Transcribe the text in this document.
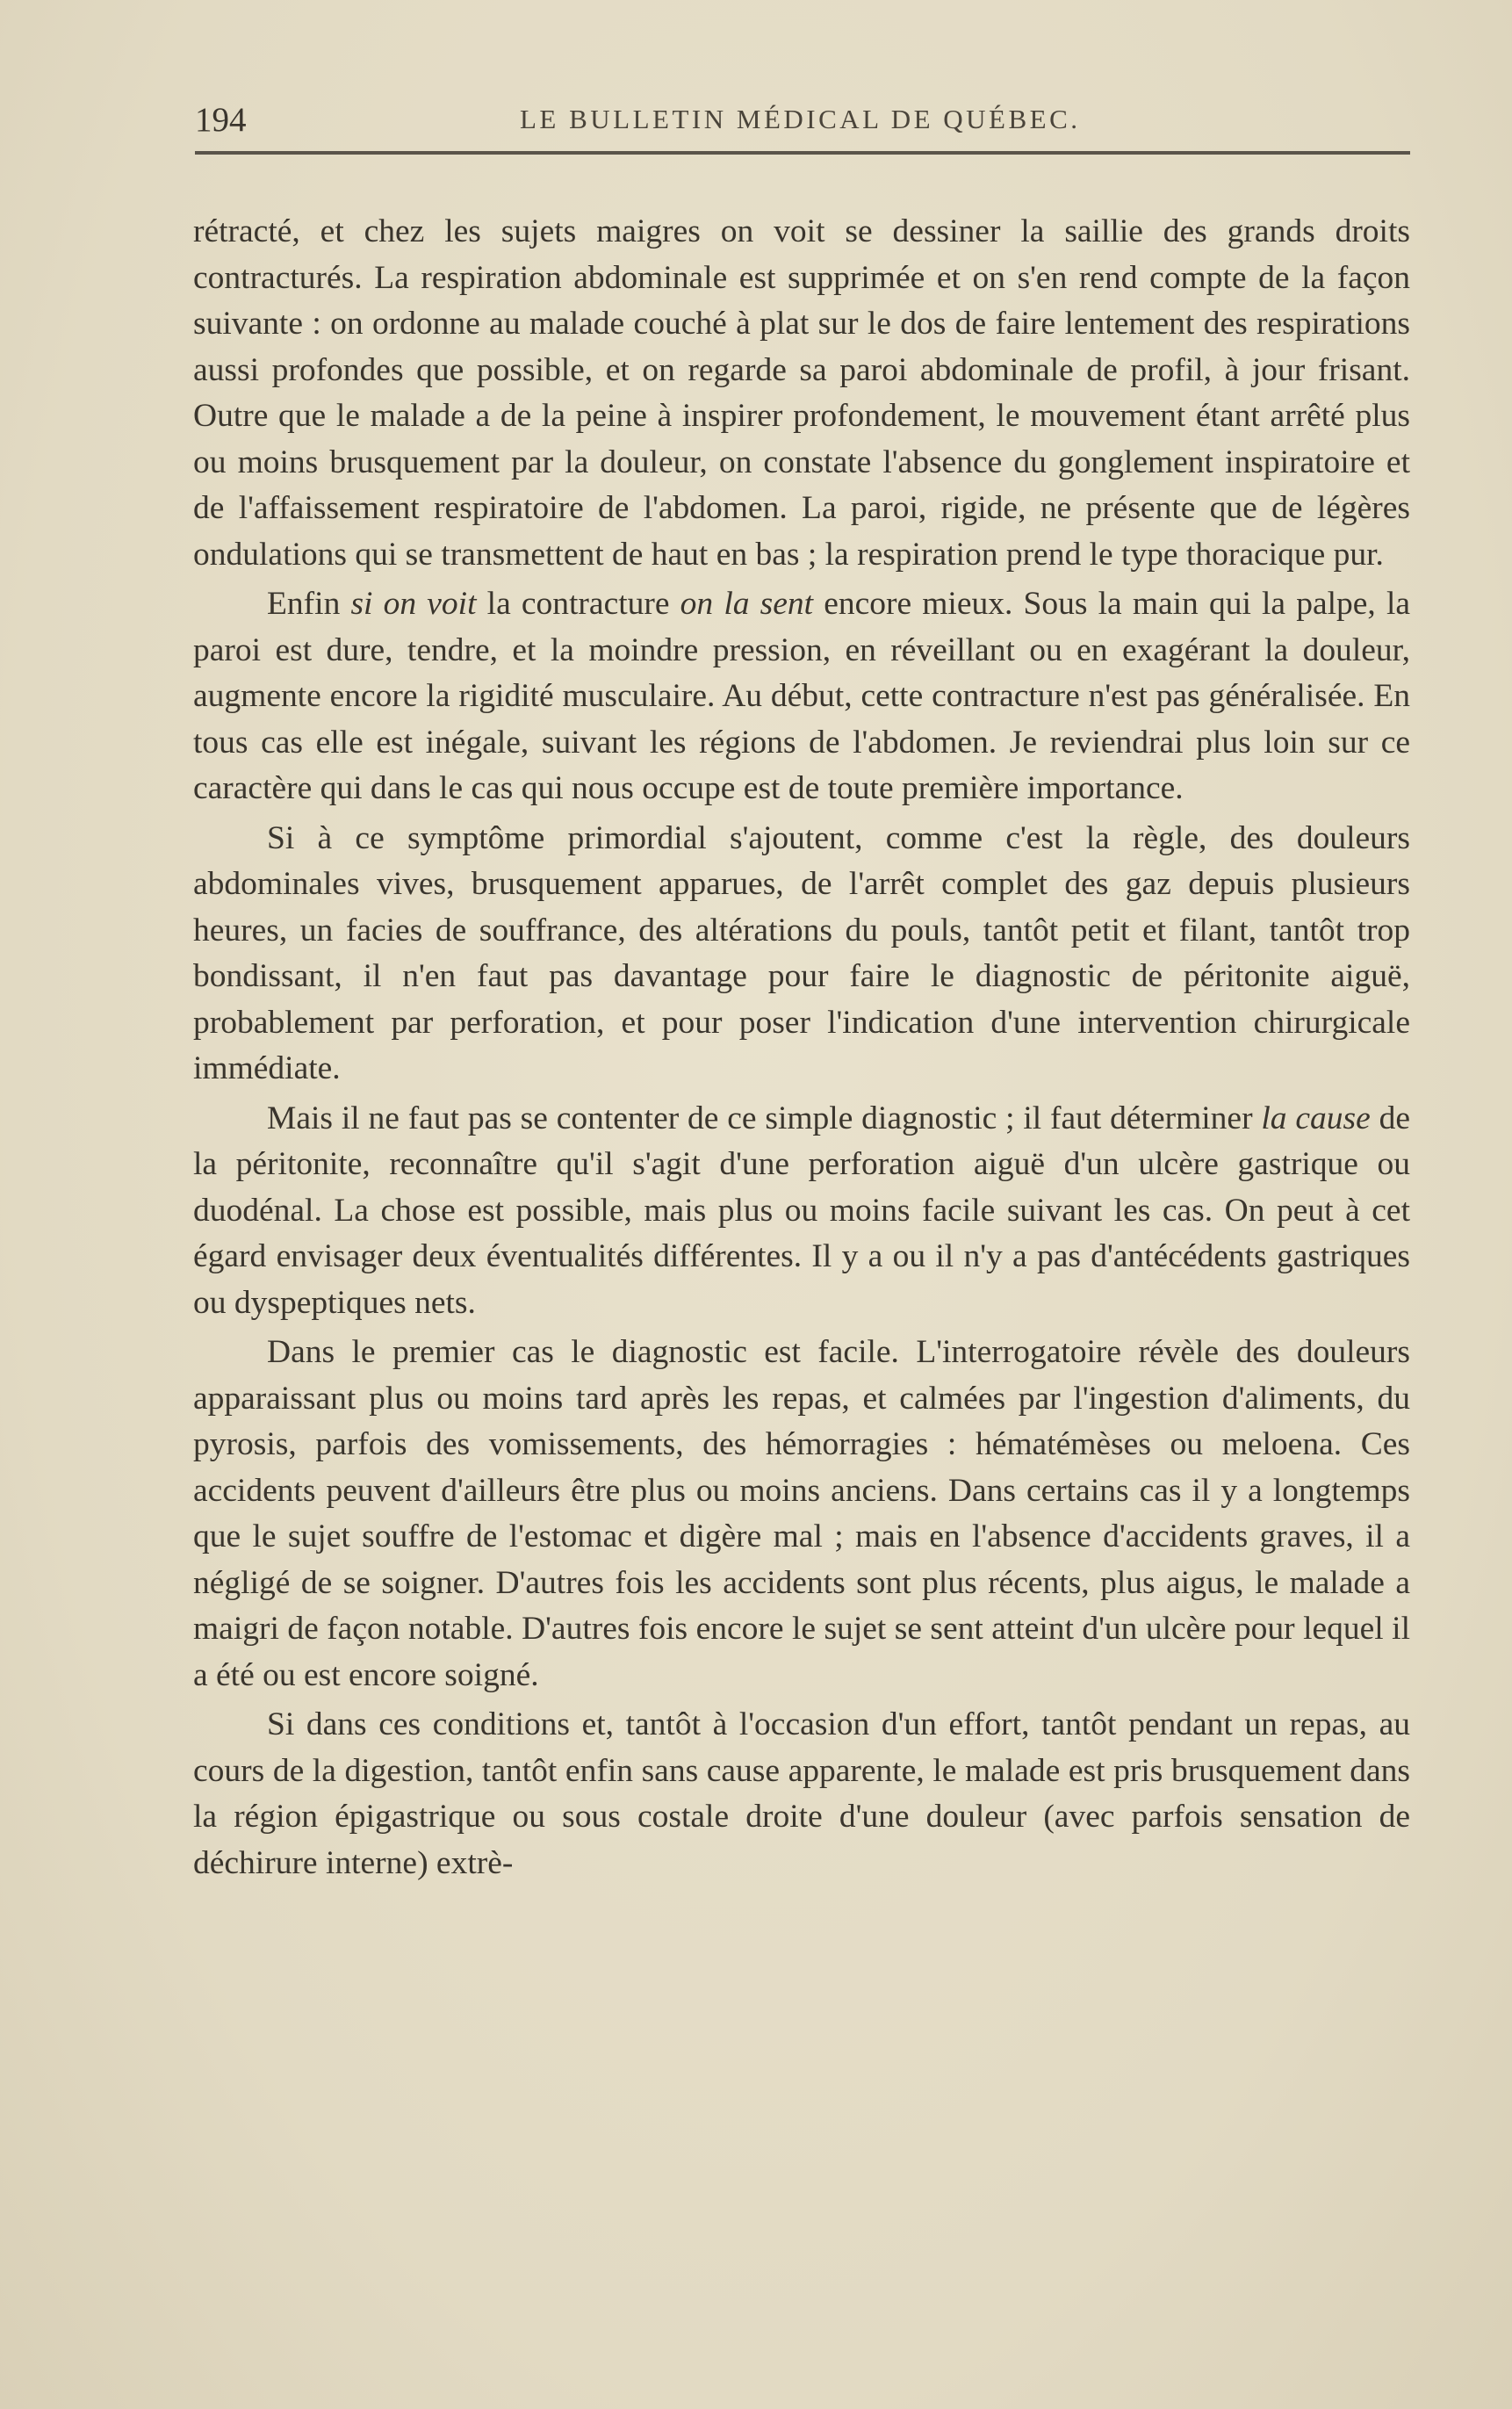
194	LE BULLETIN MÉDICAL DE QUÉBEC.

rétracté, et chez les sujets maigres on voit se dessiner la saillie des grands droits contracturés. La respiration abdominale est supprimée et on s'en rend compte de la façon suivante : on ordonne au malade couché à plat sur le dos de faire lentement des respirations aussi profondes que possible, et on regarde sa paroi abdominale de profil, à jour frisant. Outre que le malade a de la peine à inspirer profondement, le mouvement étant arrêté plus ou moins brusquement par la douleur, on constate l'absence du gonglement inspiratoire et de l'affaissement respiratoire de l'abdomen. La paroi, rigide, ne présente que de légères ondulations qui se transmettent de haut en bas ; la respiration prend le type thoracique pur.

Enfin si on voit la contracture on la sent encore mieux. Sous la main qui la palpe, la paroi est dure, tendre, et la moindre pression, en réveillant ou en exagérant la douleur, augmente encore la rigidité musculaire. Au début, cette contracture n'est pas généralisée. En tous cas elle est inégale, suivant les régions de l'abdomen. Je reviendrai plus loin sur ce caractère qui dans le cas qui nous occupe est de toute première importance.

Si à ce symptôme primordial s'ajoutent, comme c'est la règle, des douleurs abdominales vives, brusquement apparues, de l'arrêt complet des gaz depuis plusieurs heures, un facies de souffrance, des altérations du pouls, tantôt petit et filant, tantôt trop bondissant, il n'en faut pas davantage pour faire le diagnostic de péritonite aiguë, probablement par perforation, et pour poser l'indication d'une intervention chirurgicale immédiate.

Mais il ne faut pas se contenter de ce simple diagnostic ; il faut déterminer la cause de la péritonite, reconnaître qu'il s'agit d'une perforation aiguë d'un ulcère gastrique ou duodénal. La chose est possible, mais plus ou moins facile suivant les cas. On peut à cet égard envisager deux éventualités différentes. Il y a ou il n'y a pas d'antécédents gastriques ou dyspeptiques nets.

Dans le premier cas le diagnostic est facile. L'interrogatoire révèle des douleurs apparaissant plus ou moins tard après les repas, et calmées par l'ingestion d'aliments, du pyrosis, parfois des vomissements, des hémorragies : hématémèses ou meloena. Ces accidents peuvent d'ailleurs être plus ou moins anciens. Dans certains cas il y a longtemps que le sujet souffre de l'estomac et digère mal ; mais en l'absence d'accidents graves, il a négligé de se soigner. D'autres fois les accidents sont plus récents, plus aigus, le malade a maigri de façon notable. D'autres fois encore le sujet se sent atteint d'un ulcère pour lequel il a été ou est encore soigné.

Si dans ces conditions et, tantôt à l'occasion d'un effort, tantôt pendant un repas, au cours de la digestion, tantôt enfin sans cause apparente, le malade est pris brusquement dans la région épigastrique ou sous costale droite d'une douleur (avec parfois sensation de déchirure interne) extrè-
